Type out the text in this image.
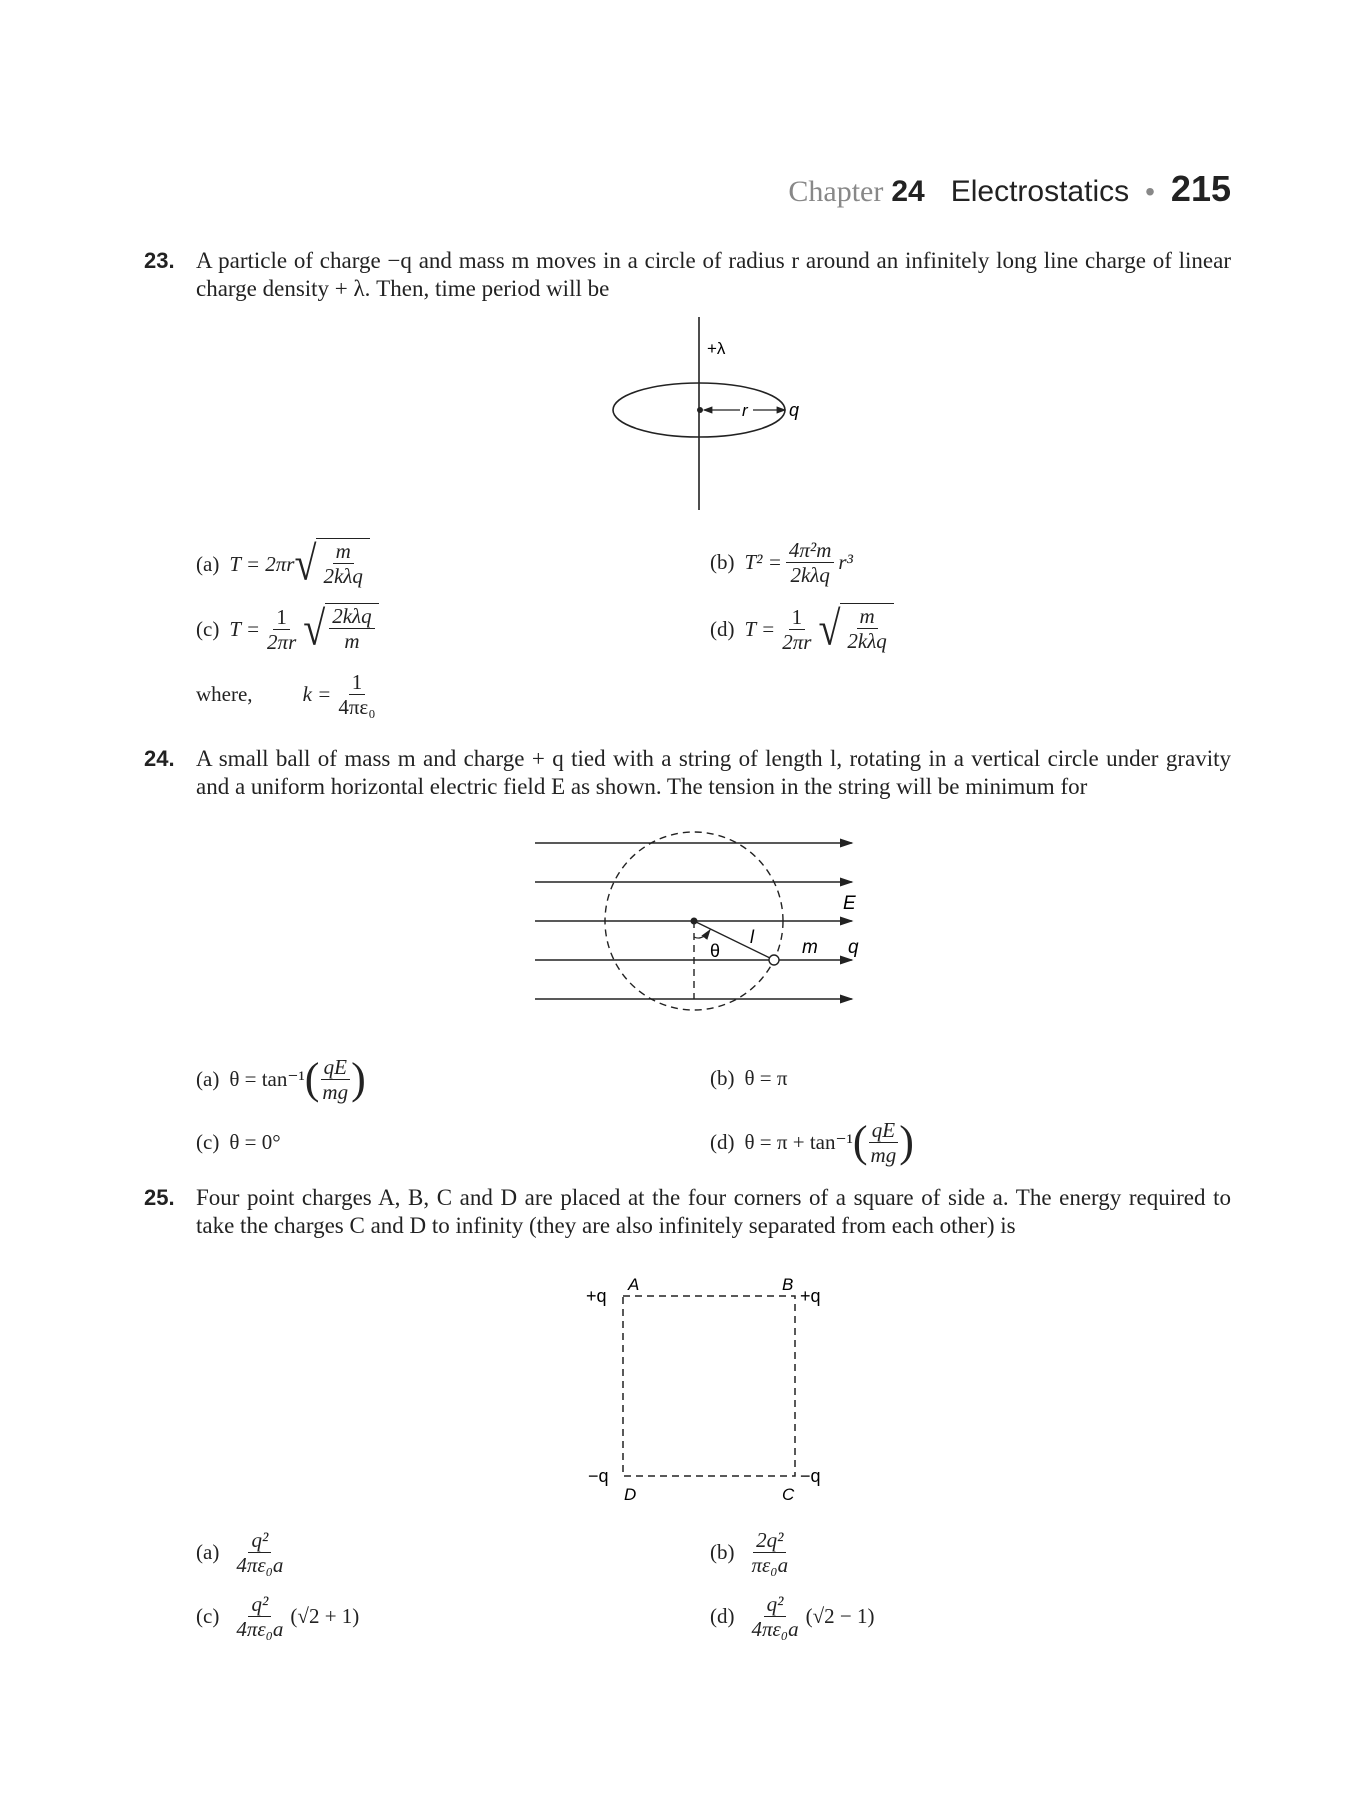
Chapter 24 Electrostatics • 215
23. A particle of charge −q and mass m moves in a circle of radius r around an infinitely long line charge of linear charge density + λ. Then, time period will be
+λ
r q
(a) T = 2πr √ $\frac{m}{\text{2kλq}}$	(b) $T^2 = \frac{\text{4π²m}}{\text{2kλq}} r^3$
(c) $T = \frac{1}{2\pi r}$ √ $\frac{\text{2kλq}}{m}$	(d) $T = \frac{1}{2\pi r}$ √ $\frac{m}{\text{2kλq}}$
where, $k = \frac{1}{\text{4πε₀}}$
24. A small ball of mass m and charge + q tied with a string of length l, rotating in a vertical circle under gravity and a uniform horizontal electric field E as shown. The tension in the string will be minimum for
θ
l
E
m q
(a) θ = tan⁻¹ ( $\frac{qE}{mg}$ )	(b) θ = π
(c) θ = 0°	(d) θ = π + tan⁻¹ ( $\frac{qE}{mg}$ )
25. Four point charges A, B, C and D are placed at the four corners of a square of side a. The energy required to take the charges C and D to infinity (they are also infinitely separated from each other) is
+q
A	B
+q
−q
D	C
−q
$(a) \frac{\text{q²}}{\text{4πε₀a}}$	$(b) \frac{\text{2q²}}{\text{πε₀a}}$
$(c) \frac{\text{q²}}{\text{4πε₀a}} (√2 + 1)$	$(d) \frac{\text{q²}}{\text{4πε₀a}} (√2 - 1)$
